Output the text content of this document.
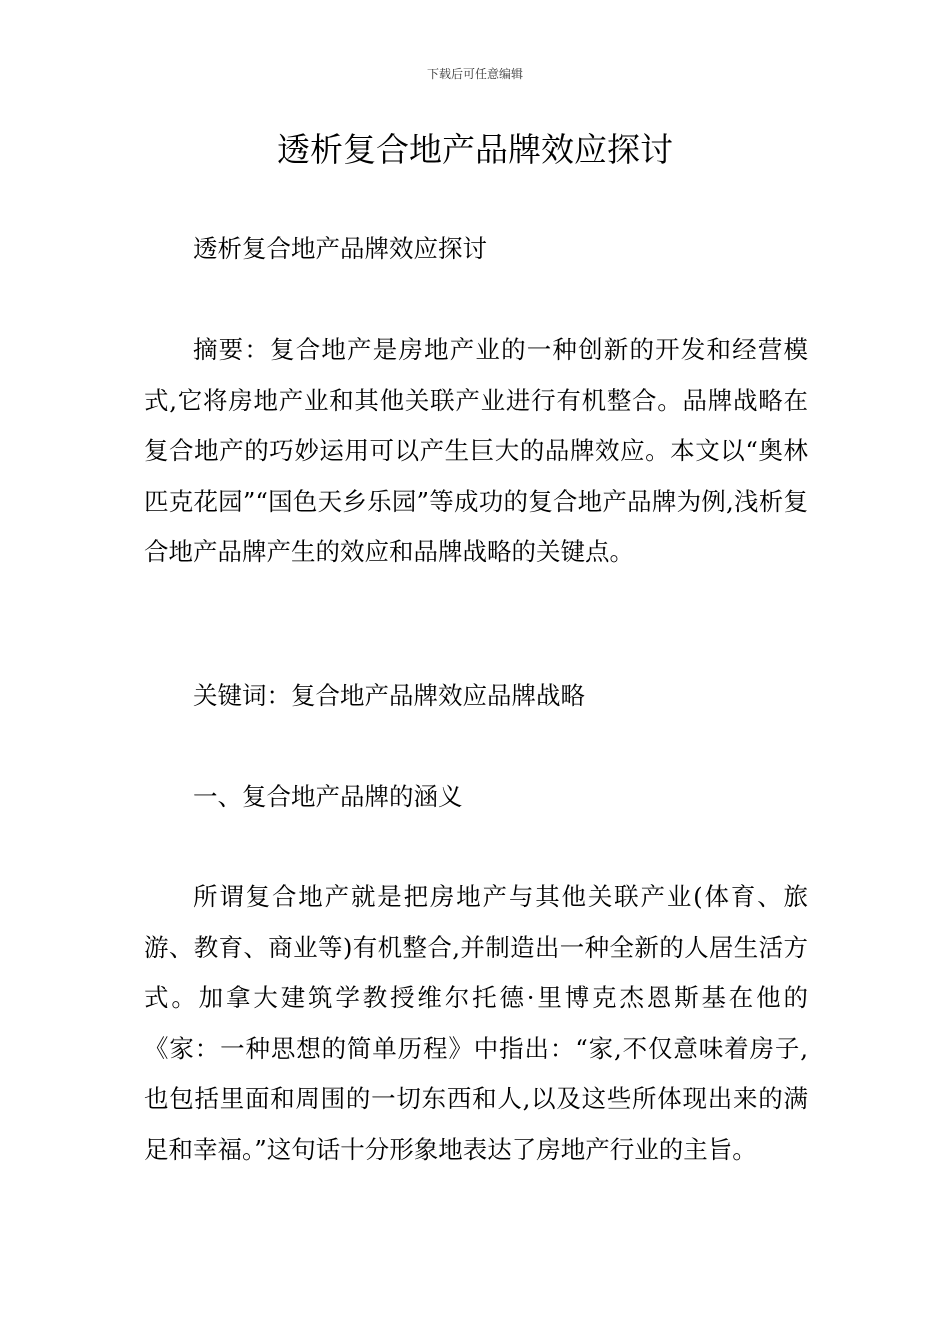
下载后可任意编辑
透析复合地产品牌效应探讨

透析复合地产品牌效应探讨

摘要：复合地产是房地产业的一种创新的开发和经营模式,它将房地产业和其他关联产业进行有机整合。品牌战略在复合地产的巧妙运用可以产生巨大的品牌效应。本文以“奥林匹克花园”“国色天乡乐园”等成功的复合地产品牌为例,浅析复合地产品牌产生的效应和品牌战略的关键点。

关键词：复合地产品牌效应品牌战略

一、复合地产品牌的涵义

所谓复合地产就是把房地产与其他关联产业(体育、旅游、教育、商业等)有机整合,并制造出一种全新的人居生活方式。加拿大建筑学教授维尔托德·里博克杰恩斯基在他的《家：一种思想的简单历程》中指出：“家,不仅意味着房子,也包括里面和周围的一切东西和人,以及这些所体现出来的满足和幸福。”这句话十分形象地表达了房地产行业的主旨。
